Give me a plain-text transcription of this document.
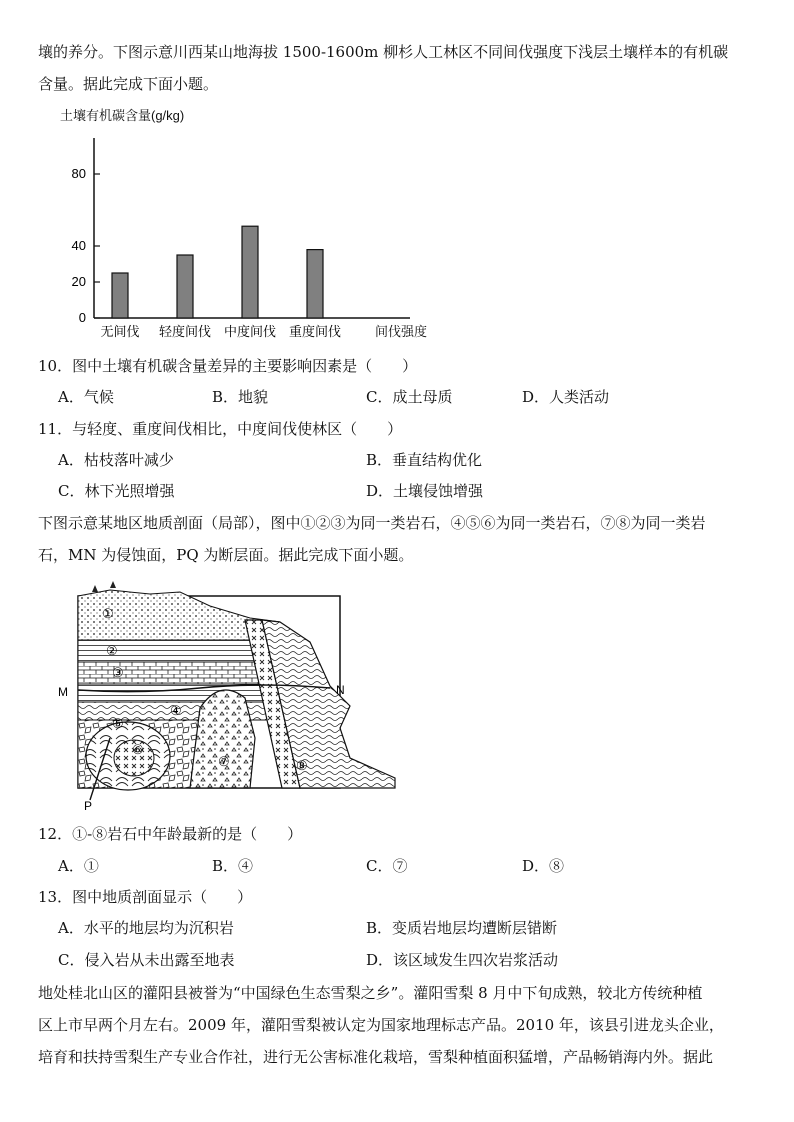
壤的养分。下图示意川西某山地海拔 1500-1600m 柳杉人工林区不同间伐强度下浅层土壤样本的有机碳
含量。据此完成下面小题。
土壤有机碳含量(g/kg)
0
20
40
80
无间伐 轻度间伐 中度间伐 重度间伐	间伐强度
10．图中土壤有机碳含量差异的主要影响因素是（　　）
A．气候	B．地貌	C．成土母质	D．人类活动
11．与轻度、重度间伐相比，中度间伐使林区（　　）
A．枯枝落叶减少	B．垂直结构优化
C．林下光照增强	D．土壤侵蚀增强
下图示意某地区地质剖面（局部），图中①②③为同一类岩石，④⑤⑥为同一类岩石，⑦⑧为同一类岩
石，MN 为侵蚀面，PQ 为断层面。据此完成下面小题。
①
②
③
④
⑤
⑥
⑦	⑧
M	N
P
12．①-⑧岩石中年龄最新的是（　　）
A．①	B．④	C．⑦	D．⑧
13．图中地质剖面显示（　　）
A．水平的地层均为沉积岩	B．变质岩地层均遭断层错断
C．侵入岩从未出露至地表	D．该区域发生四次岩浆活动
地处桂北山区的灌阳县被誉为“中国绿色生态雪梨之乡”。灌阳雪梨 8 月中下旬成熟，较北方传统种植
区上市早两个月左右。2009 年，灌阳雪梨被认定为国家地理标志产品。2010 年，该县引进龙头企业，
培育和扶持雪梨生产专业合作社，进行无公害标准化栽培，雪梨种植面积猛增，产品畅销海内外。据此
